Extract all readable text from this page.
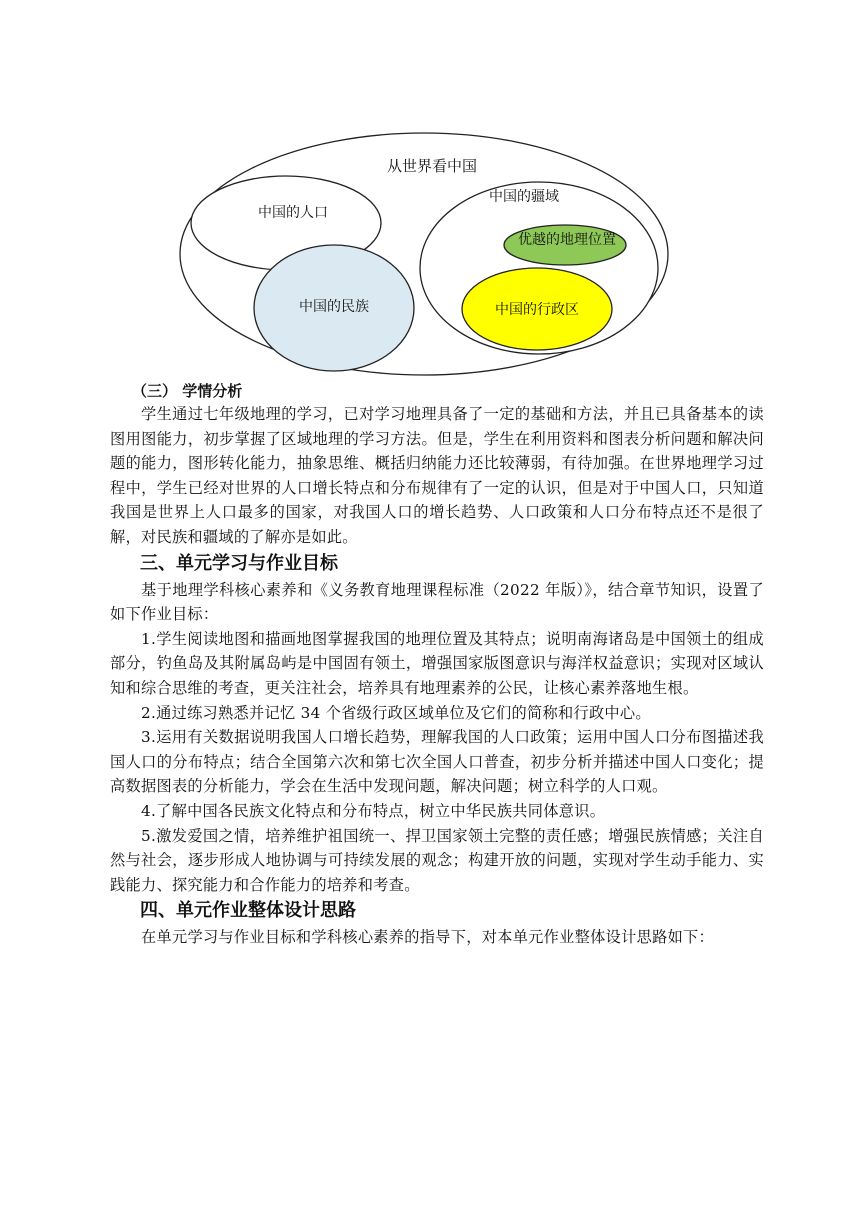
从世界看中国
中国的人口
中国的民族
中国的疆域
优越的地理位置
中国的行政区

（三） 学情分析

学生通过七年级地理的学习，已对学习地理具备了一定的基础和方法，并且已具备基本的读图用图能力，初步掌握了区域地理的学习方法。但是，学生在利用资料和图表分析问题和解决问题的能力，图形转化能力，抽象思维、概括归纳能力还比较薄弱，有待加强。在世界地理学习过程中，学生已经对世界的人口增长特点和分布规律有了一定的认识，但是对于中国人口，只知道我国是世界上人口最多的国家，对我国人口的增长趋势、人口政策和人口分布特点还不是很了解，对民族和疆域的了解亦是如此。

三、单元学习与作业目标

基于地理学科核心素养和《义务教育地理课程标准（2022 年版）》，结合章节知识，设置了如下作业目标：

1.学生阅读地图和描画地图掌握我国的地理位置及其特点；说明南海诸岛是中国领土的组成部分，钓鱼岛及其附属岛屿是中国固有领土，增强国家版图意识与海洋权益意识；实现对区域认知和综合思维的考查，更关注社会，培养具有地理素养的公民，让核心素养落地生根。

2.通过练习熟悉并记忆 34 个省级行政区域单位及它们的简称和行政中心。

3.运用有关数据说明我国人口增长趋势，理解我国的人口政策；运用中国人口分布图描述我国人口的分布特点；结合全国第六次和第七次全国人口普查，初步分析并描述中国人口变化；提高数据图表的分析能力，学会在生活中发现问题，解决问题；树立科学的人口观。

4.了解中国各民族文化特点和分布特点，树立中华民族共同体意识。

5.激发爱国之情，培养维护祖国统一、捍卫国家领土完整的责任感；增强民族情感；关注自然与社会，逐步形成人地协调与可持续发展的观念；构建开放的问题，实现对学生动手能力、实践能力、探究能力和合作能力的培养和考查。

四、单元作业整体设计思路

在单元学习与作业目标和学科核心素养的指导下，对本单元作业整体设计思路如下：
